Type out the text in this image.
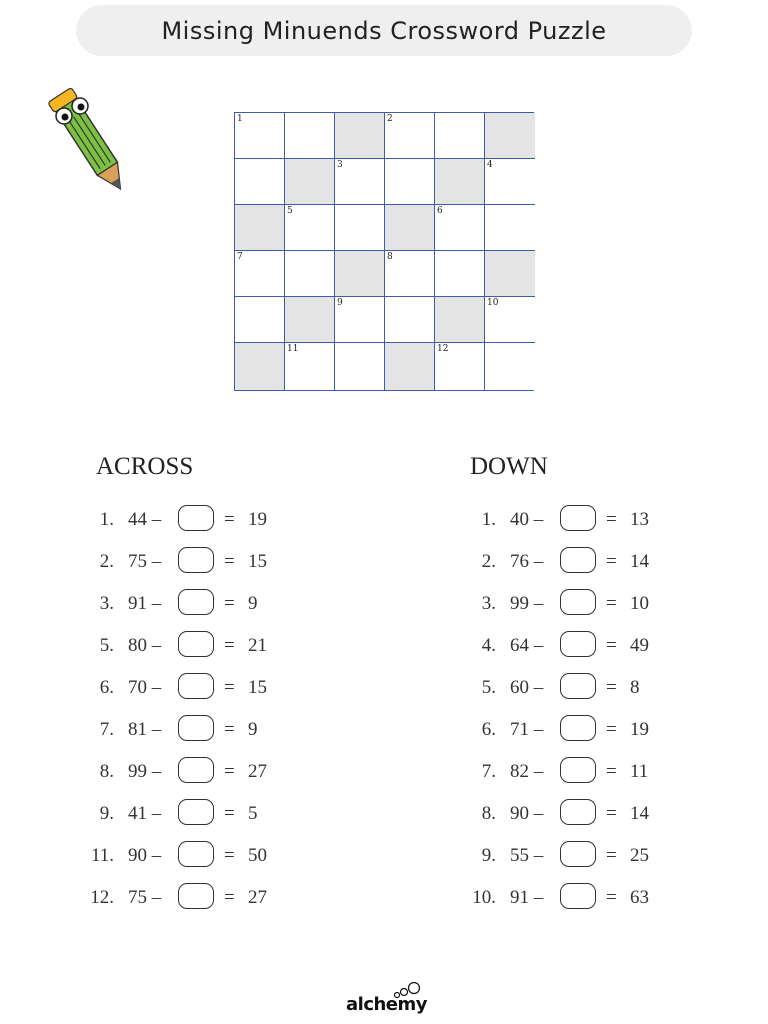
Missing Minuends Crossword Puzzle
1	2
3	4
5	6
7	8
9	10
11	12
ACROSS	DOWN
1. 44 –	= 19
2. 75 –	= 15
3. 91 –	= 9
5. 80 –	= 21
6. 70 –	= 15
7. 81 –	= 9
8. 99 –	= 27
9. 41 –	= 5
11. 90 –	= 50
12. 75 –	= 27
1. 40 –	= 13
2. 76 –	= 14
3. 99 –	= 10
4. 64 –	= 49
5. 60 –	= 8
6. 71 –	= 19
7. 82 –	= 11
8. 90 –	= 14
9. 55 –	= 25
10. 91 –	= 63
alchemy
